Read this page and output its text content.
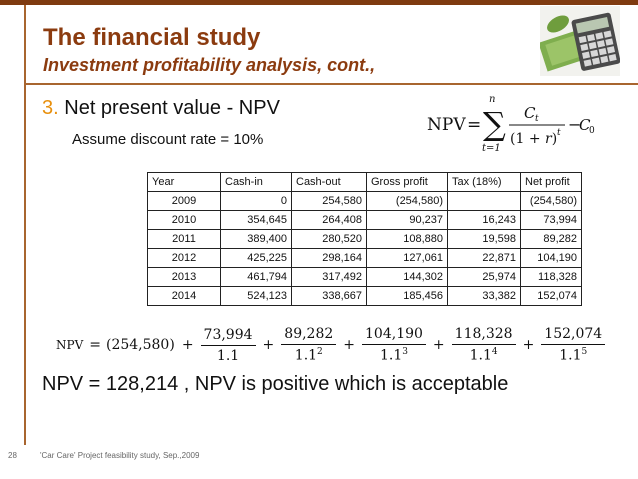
The financial study
Investment profitability analysis, cont.,
3. Net present value - NPV
Assume discount rate = 10%
NPV = ∑
n
t=1
C t
(1 + r) t −
C
0
Year	Cash-in	Cash-out	Gross profit	Tax (18%)	Net profit
2009	0	254,580	(254,580)		(254,580)
2010	354,645	264,408	90,237	16,243	73,994
2011	389,400	280,520	108,880	19,598	89,282
2012	425,225	298,164	127,061	22,871	104,190
2013	461,794	317,492	144,302	25,974	118,328
2014	524,123	338,667	185,456	33,382	152,074
NPV = $(254,580) + \frac{73,994}{1.1} + \frac{89,282}{1.1^2} + \frac{104,190}{1.1^3} + \frac{118,328}{1.1^4} + \frac{152,074}{1.1^5}$
NPV = 128,214 , NPV is positive which is acceptable
28	'Car Care' Project feasibility study, Sep.,2009
